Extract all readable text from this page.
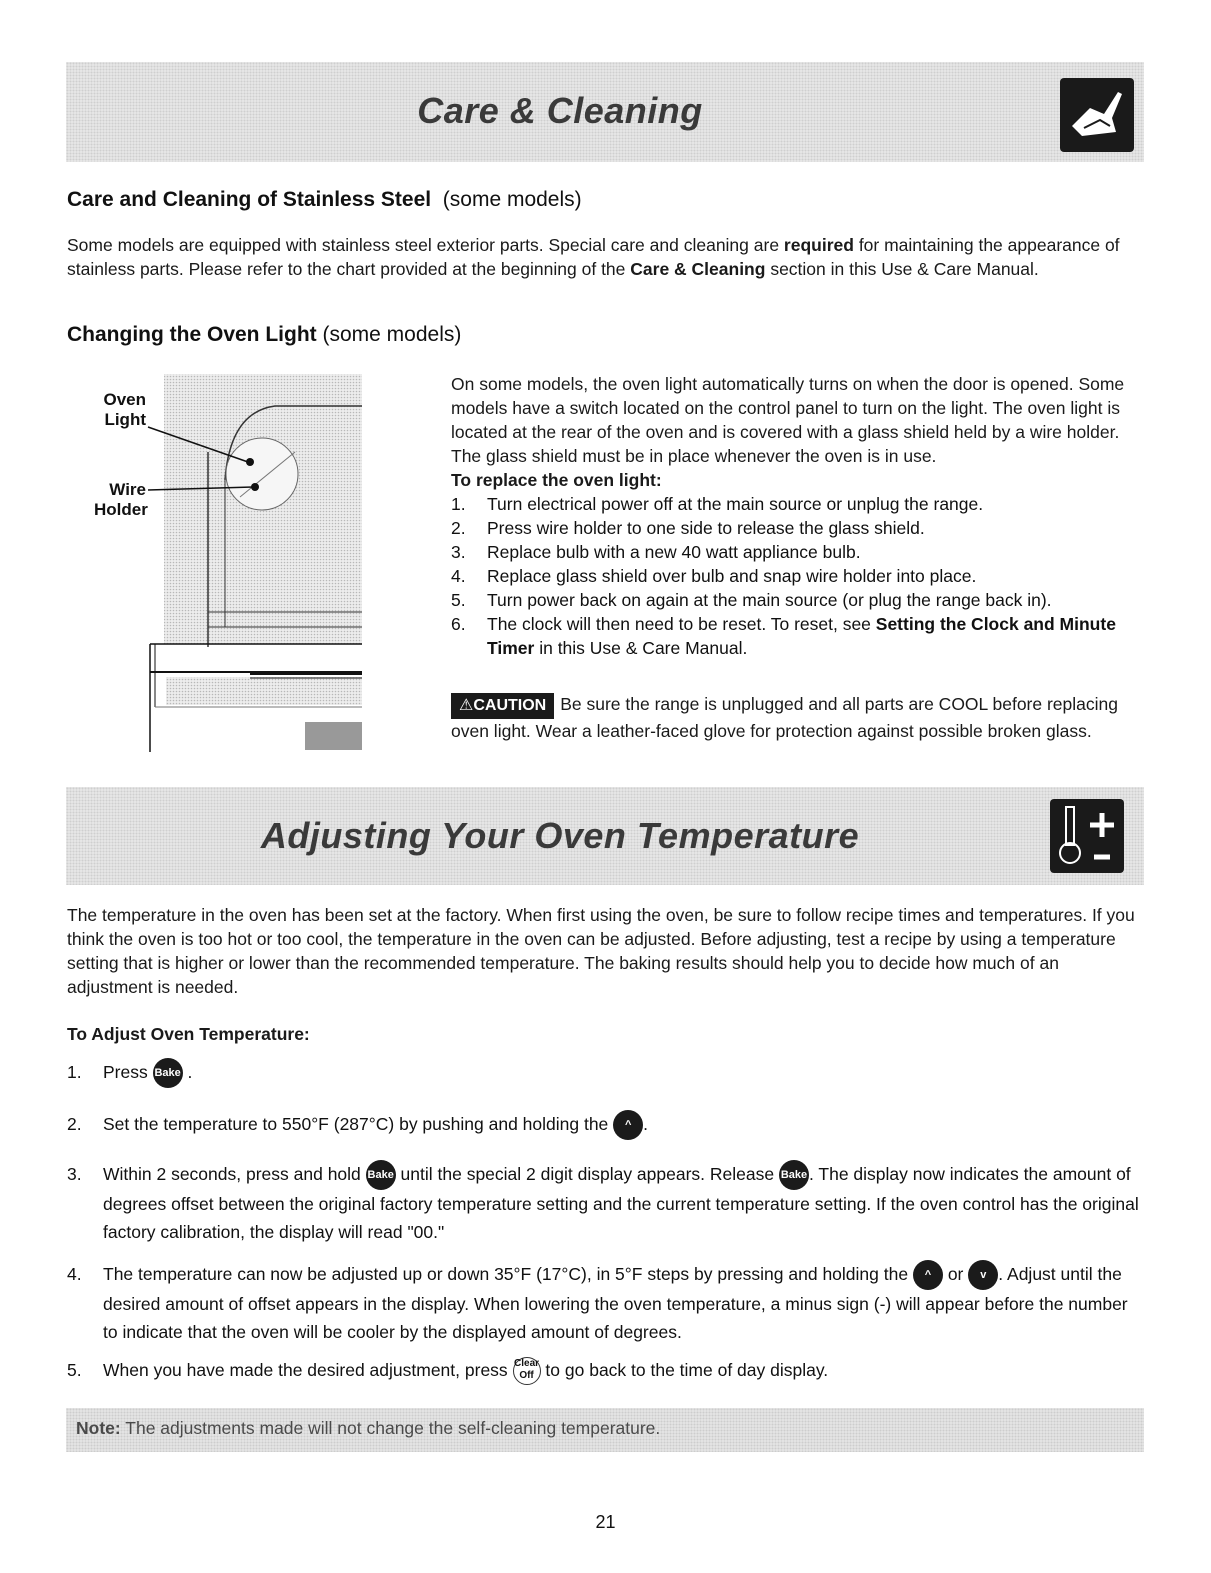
Care & Cleaning
Care and Cleaning of Stainless Steel (some models)
Some models are equipped with stainless steel exterior parts. Special care and cleaning are required for maintaining the appearance of stainless parts. Please refer to the chart provided at the beginning of the Care & Cleaning section in this Use & Care Manual.
Changing the Oven Light (some models)
Oven
Light
Wire
Holder
On some models, the oven light automatically turns on when the door is opened. Some models have a switch located on the control panel to turn on the light. The oven light is located at the rear of the oven and is covered with a glass shield held by a wire holder. The glass shield must be in place whenever the oven is in use.
To replace the oven light:
1. Turn electrical power off at the main source or unplug the range.
2. Press wire holder to one side to release the glass shield.
3. Replace bulb with a new 40 watt appliance bulb.
4. Replace glass shield over bulb and snap wire holder into place.
5. Turn power back on again at the main source (or plug the range back in).
6. The clock will then need to be reset. To reset, see Setting the Clock and Minute Timer in this Use & Care Manual.
⚠CAUTION Be sure the range is unplugged and all parts are COOL before replacing oven light. Wear a leather-faced glove for protection against possible broken glass.
Adjusting Your Oven Temperature
The temperature in the oven has been set at the factory. When first using the oven, be sure to follow recipe times and temperatures. If you think the oven is too hot or too cool, the temperature in the oven can be adjusted. Before adjusting, test a recipe by using a temperature setting that is higher or lower than the recommended temperature. The baking results should help you to decide how much of an adjustment is needed.
To Adjust Oven Temperature:
1. Press Bake .
2. Set the temperature to 550°F (287°C) by pushing and holding the ^ .
3. Within 2 seconds, press and hold Bake until the special 2 digit display appears. Release Bake . The display now indicates the amount of degrees offset between the original factory temperature setting and the current temperature setting. If the oven control has the original factory calibration, the display will read "00."
4. The temperature can now be adjusted up or down 35°F (17°C), in 5°F steps by pressing and holding the ^ or v . Adjust until the desired amount of offset appears in the display. When lowering the oven temperature, a minus sign (-) will appear before the number to indicate that the oven will be cooler by the displayed amount of degrees.
5. When you have made the desired adjustment, press Clear Off to go back to the time of day display.
Note: The adjustments made will not change the self-cleaning temperature.
21
